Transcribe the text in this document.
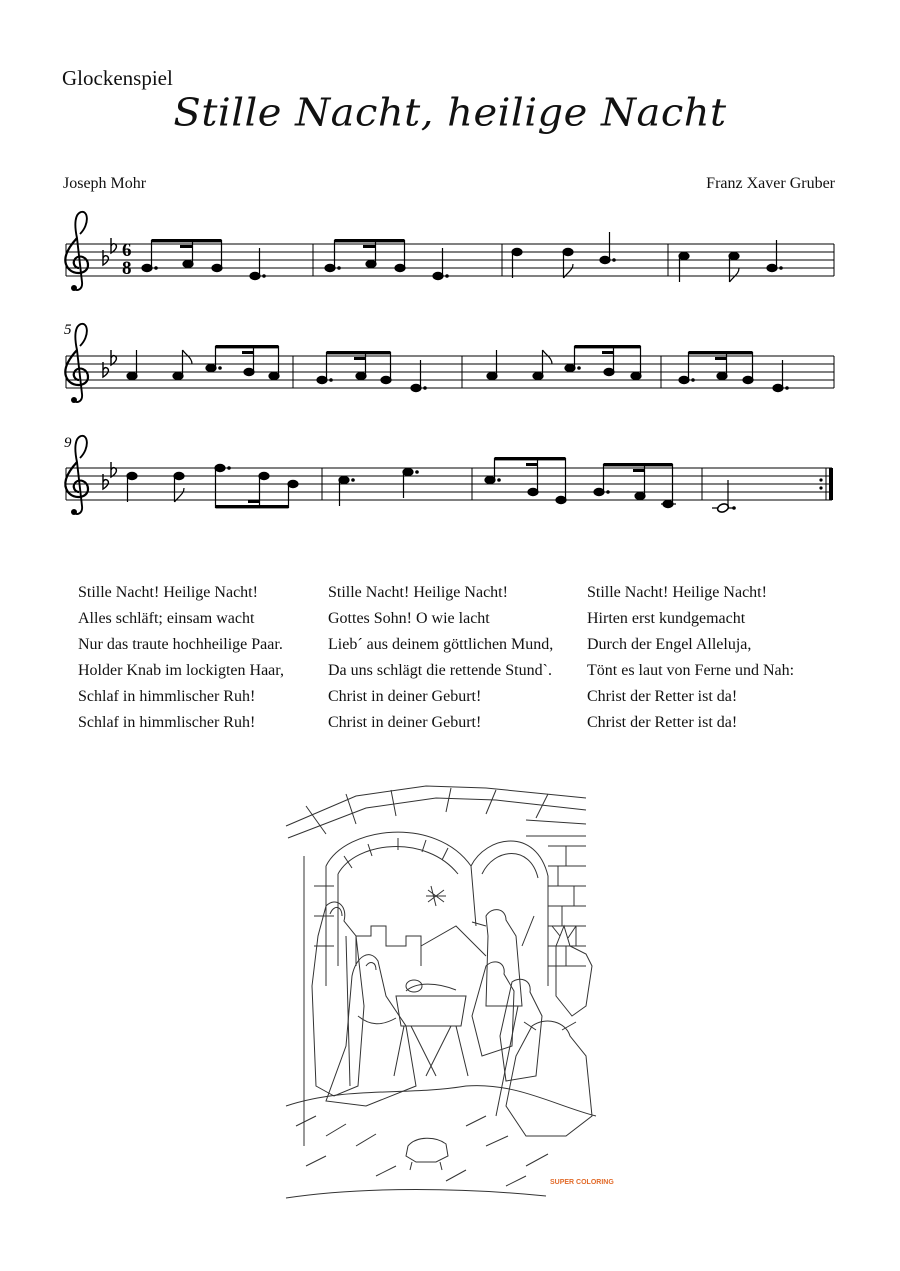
Glockenspiel
Stille Nacht, heilige Nacht
Joseph Mohr	Franz Xaver Gruber
6
8
5
9
Stille Nacht! Heilige Nacht!
Alles schläft; einsam wacht
Nur das traute hochheilige Paar.
Holder Knab im lockigten Haar,
Schlaf in himmlischer Ruh!
Schlaf in himmlischer Ruh!
Stille Nacht! Heilige Nacht!
Gottes Sohn! O wie lacht
Lieb´ aus deinem göttlichen Mund,
Da uns schlägt die rettende Stund`.
Christ in deiner Geburt!
Christ in deiner Geburt!
Stille Nacht! Heilige Nacht!
Hirten erst kundgemacht
Durch der Engel Alleluja,
Tönt es laut von Ferne und Nah:
Christ der Retter ist da!
Christ der Retter ist da!
SUPER COLORING
